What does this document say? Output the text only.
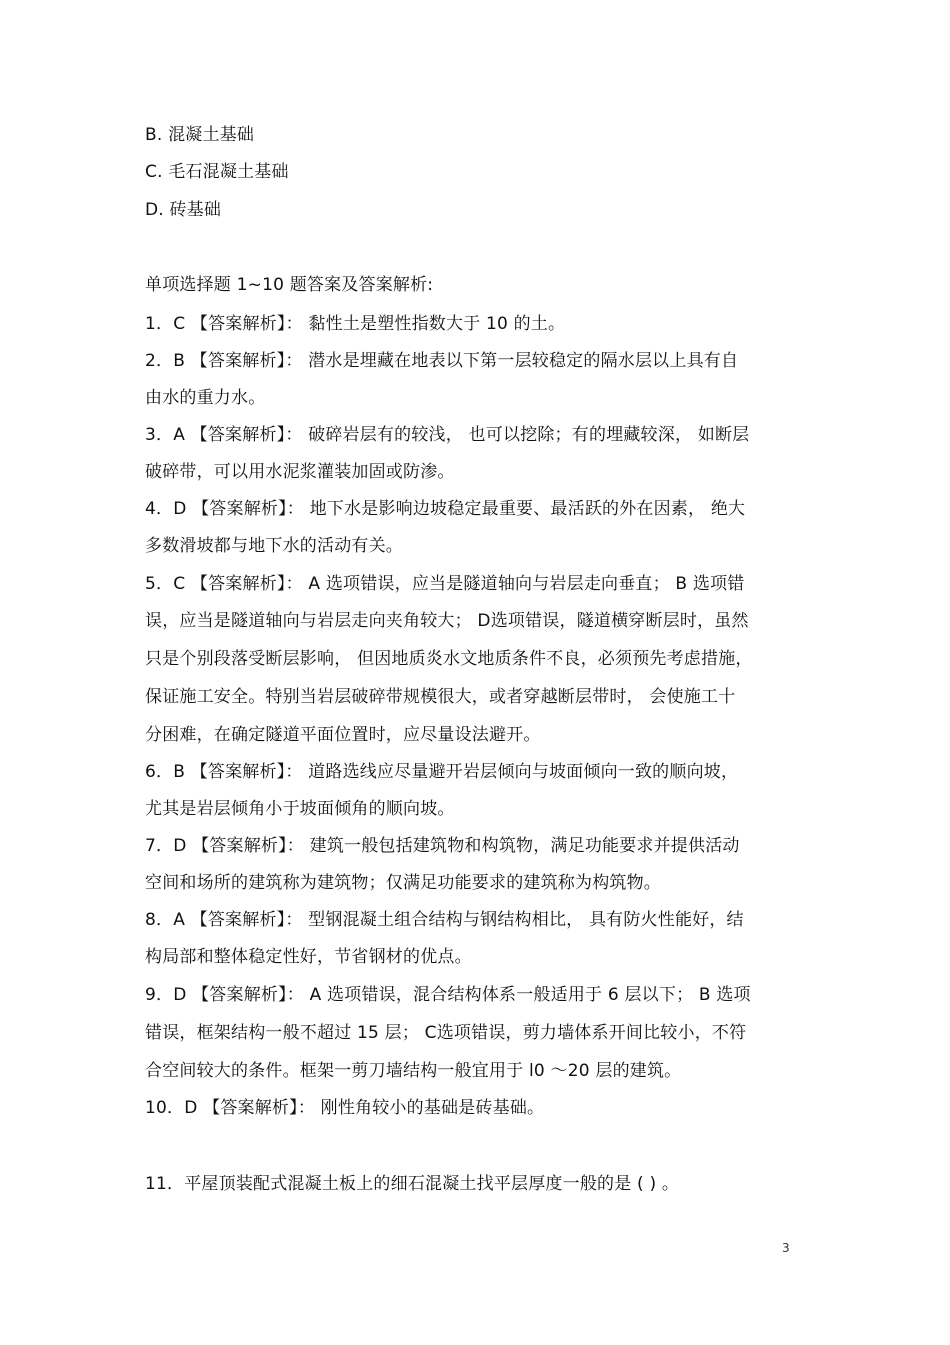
B. 混凝土基础
C. 毛石混凝土基础
D. 砖基础
单项选择题 1~10 题答案及答案解析:
1．C 【答案解析】： 黏性土是塑性指数大于 10 的土。
2．B 【答案解析】： 潜水是埋藏在地表以下第一层较稳定的隔水层以上具有自
由水的重力水。
3．A 【答案解析】： 破碎岩层有的较浅， 也可以挖除；有的埋藏较深， 如断层
破碎带，可以用水泥浆灌装加固或防渗。
4．D 【答案解析】： 地下水是影响边坡稳定最重要、最活跃的外在因素， 绝大
多数滑坡都与地下水的活动有关。
5．C 【答案解析】： A 选项错误，应当是隧道轴向与岩层走向垂直； B 选项错
误，应当是隧道轴向与岩层走向夹角较大； D选项错误，隧道横穿断层时，虽然
只是个别段落受断层影响， 但因地质炎水文地质条件不良，必须预先考虑措施，
保证施工安全。特别当岩层破碎带规模很大，或者穿越断层带时， 会使施工十
分困难，在确定隧道平面位置时，应尽量设法避开。
6．B 【答案解析】： 道路选线应尽量避开岩层倾向与坡面倾向一致的顺向坡，
尤其是岩层倾角小于坡面倾角的顺向坡。
7．D 【答案解析】： 建筑一般包括建筑物和构筑物，满足功能要求并提供活动
空间和场所的建筑称为建筑物；仅满足功能要求的建筑称为构筑物。
8．A 【答案解析】： 型钢混凝土组合结构与钢结构相比， 具有防火性能好，结
构局部和整体稳定性好，节省钢材的优点。
9．D 【答案解析】： A 选项错误，混合结构体系一般适用于 6 层以下； B 选项
错误，框架结构一般不超过 15 层； C选项错误，剪力墙体系开间比较小，不符
合空间较大的条件。框架一剪刀墙结构一般宜用于 l0 ～20 层的建筑。
10．D 【答案解析】： 刚性角较小的基础是砖基础。
11．平屋顶装配式混凝土板上的细石混凝土找平层厚度一般的是 ( ) 。
3
